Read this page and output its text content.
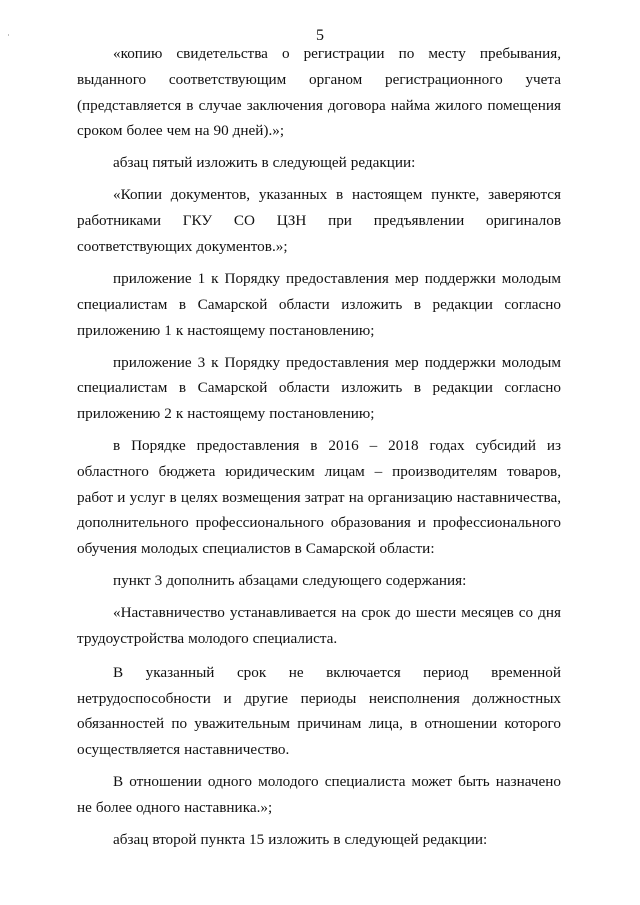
5

«копию свидетельства о регистрации по месту пребывания, выданного соответствующим органом регистрационного учета (представляется в случае заключения договора найма жилого помещения сроком более чем на 90 дней).»;

абзац пятый изложить в следующей редакции:

«Копии документов, указанных в настоящем пункте, заверяются работниками ГКУ СО ЦЗН при предъявлении оригиналов соответствующих документов.»;

приложение 1 к Порядку предоставления мер поддержки молодым специалистам в Самарской области изложить в редакции согласно приложению 1 к настоящему постановлению;

приложение 3 к Порядку предоставления мер поддержки молодым специалистам в Самарской области изложить в редакции согласно приложению 2 к настоящему постановлению;

в Порядке предоставления в 2016 – 2018 годах субсидий из областного бюджета юридическим лицам – производителям товаров, работ и услуг в целях возмещения затрат на организацию наставничества, дополнительного профессионального образования и профессионального обучения молодых специалистов в Самарской области:

пункт 3 дополнить абзацами следующего содержания:

«Наставничество устанавливается на срок до шести месяцев со дня трудоустройства молодого специалиста.

В указанный срок не включается период временной нетрудоспособности и другие периоды неисполнения должностных обязанностей по уважительным причинам лица, в отношении которого осуществляется наставничество.

В отношении одного молодого специалиста может быть назначено не более одного наставника.»;

абзац второй пункта 15 изложить в следующей редакции:
